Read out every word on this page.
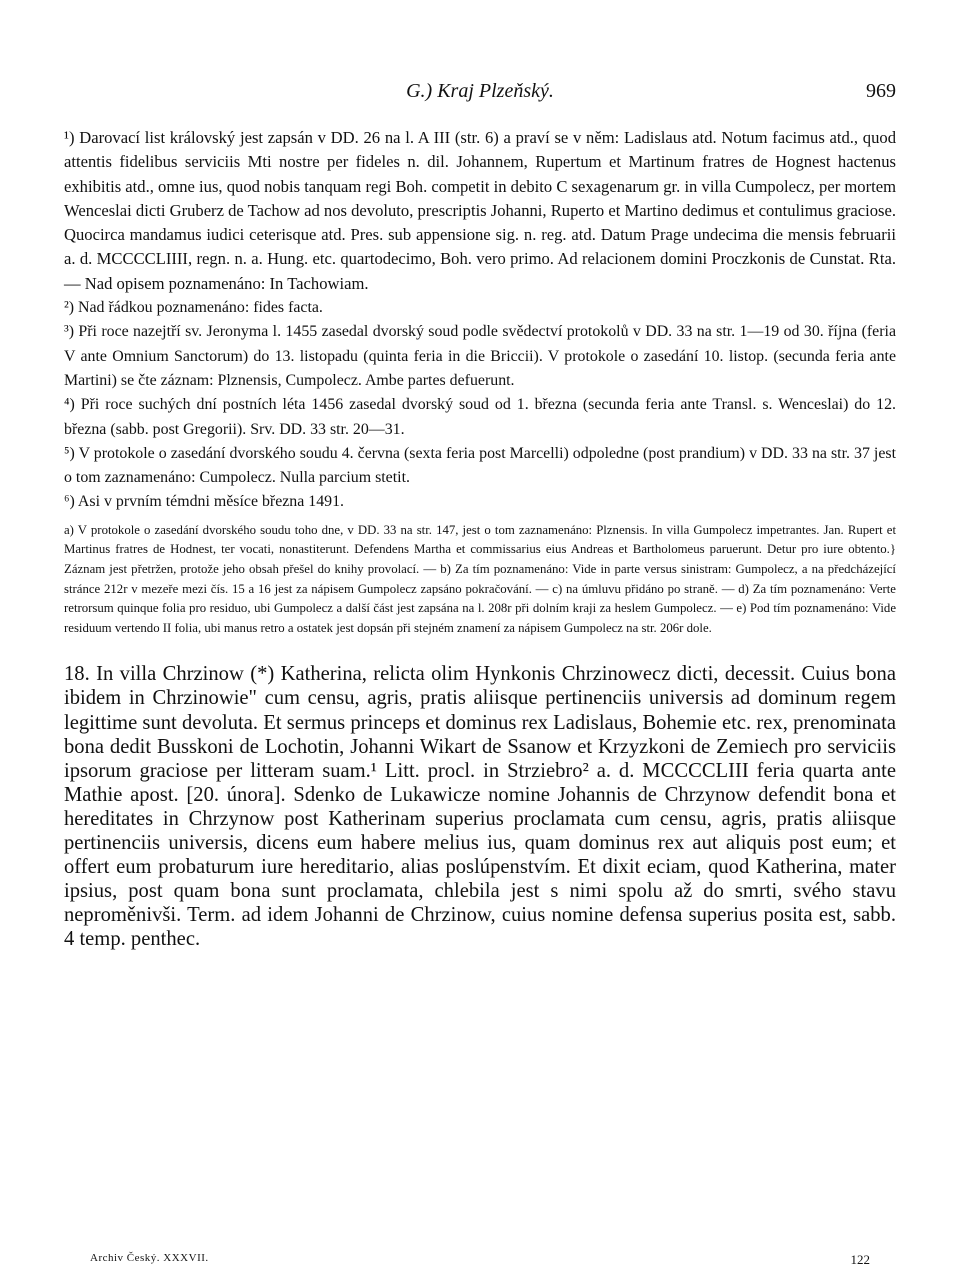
G.) Kraj Plzeňský.	969

¹) Darovací list královský jest zapsán v DD. 26 na l. A III (str. 6) a praví se v něm: Ladislaus atd. Notum facimus atd., quod attentis fidelibus serviciis Mti nostre per fideles n. dil. Johannem, Rupertum et Martinum fratres de Hognest hactenus exhibitis atd., omne ius, quod nobis tanquam regi Boh. competit in debito C sexagenarum gr. in villa Cumpolecz, per mortem Wenceslai dicti Gruberz de Tachow ad nos devoluto, prescriptis Johanni, Ruperto et Martino dedimus et contulimus graciose. Quocirca mandamus iudici ceterisque atd. Pres. sub appensione sig. n. reg. atd. Datum Prage undecima die mensis februarii a. d. MCCCCLIIII, regn. n. a. Hung. etc. quartodecimo, Boh. vero primo. Ad relacionem domini Proczkonis de Cunstat. Rta. — Nad opisem poznamenáno: In Tachowiam.

²) Nad řádkou poznamenáno: fides facta.

³) Při roce nazejtří sv. Jeronyma l. 1455 zasedal dvorský soud podle svědectví protokolů v DD. 33 na str. 1—19 od 30. října (feria V ante Omnium Sanctorum) do 13. listopadu (quinta feria in die Briccii). V protokole o zasedání 10. listop. (secunda feria ante Martini) se čte záznam: Plznensis, Cumpolecz. Ambe partes defuerunt.

⁴) Při roce suchých dní postních léta 1456 zasedal dvorský soud od 1. března (secunda feria ante Transl. s. Wenceslai) do 12. března (sabb. post Gregorii). Srv. DD. 33 str. 20—31.

⁵) V protokole o zasedání dvorského soudu 4. června (sexta feria post Marcelli) odpoledne (post prandium) v DD. 33 na str. 37 jest o tom zaznamenáno: Cumpolecz. Nulla parcium stetit.

⁶) Asi v prvním témdni měsíce března 1491.

a) V protokole o zasedání dvorského soudu toho dne, v DD. 33 na str. 147, jest o tom zaznamenáno: Plznensis. In villa Gumpolecz impetrantes. Jan. Rupert et Martinus fratres de Hodnest, ter vocati, nonastiterunt. Defendens Martha et commissarius eius Andreas et Bartholomeus paruerunt. Detur pro iure obtento.} Záznam jest přetržen, protože jeho obsah přešel do knihy provolací. — b) Za tím poznamenáno: Vide in parte versus sinistram: Gumpolecz, a na předcházející stránce 212r v mezeře mezi čís. 15 a 16 jest za nápisem Gumpolecz zapsáno pokračování. — c) na úmluvu přidáno po straně. — d) Za tím poznamenáno: Verte retrorsum quinque folia pro residuo, ubi Gumpolecz a další část jest zapsána na l. 208r při dolním kraji za heslem Gumpolecz. — e) Pod tím poznamenáno: Vide residuum vertendo II folia, ubi manus retro a ostatek jest dopsán při stejném znamení za nápisem Gumpolecz na str. 206r dole.

18. In villa Chrzinow (*) Katherina, relicta olim Hynkonis Chrzinowecz dicti, decessit. Cuius bona ibidem in Chrzinowie" cum censu, agris, pratis aliisque pertinenciis universis ad dominum regem legittime sunt devoluta. Et sermus princeps et dominus rex Ladislaus, Bohemie etc. rex, prenominata bona dedit Busskoni de Lochotin, Johanni Wikart de Ssanow et Krzyzkoni de Zemiech pro serviciis ipsorum graciose per litteram suam.¹ Litt. procl. in Strziebro² a. d. MCCCCLIII feria quarta ante Mathie apost. [20. února]. Sdenko de Lukawicze nomine Johannis de Chrzynow defendit bona et hereditates in Chrzynow post Katherinam superius proclamata cum censu, agris, pratis aliisque pertinenciis universis, dicens eum habere melius ius, quam dominus rex aut aliquis post eum; et offert eum probaturum iure hereditario, alias poslúpenstvím. Et dixit eciam, quod Katherina, mater ipsius, post quam bona sunt proclamata, chlebila jest s nimi spolu až do smrti, svého stavu neproměnivši. Term. ad idem Johanni de Chrzinow, cuius nomine defensa superius posita est, sabb. 4 temp. penthec.

Archiv Český. XXXVII.	122
